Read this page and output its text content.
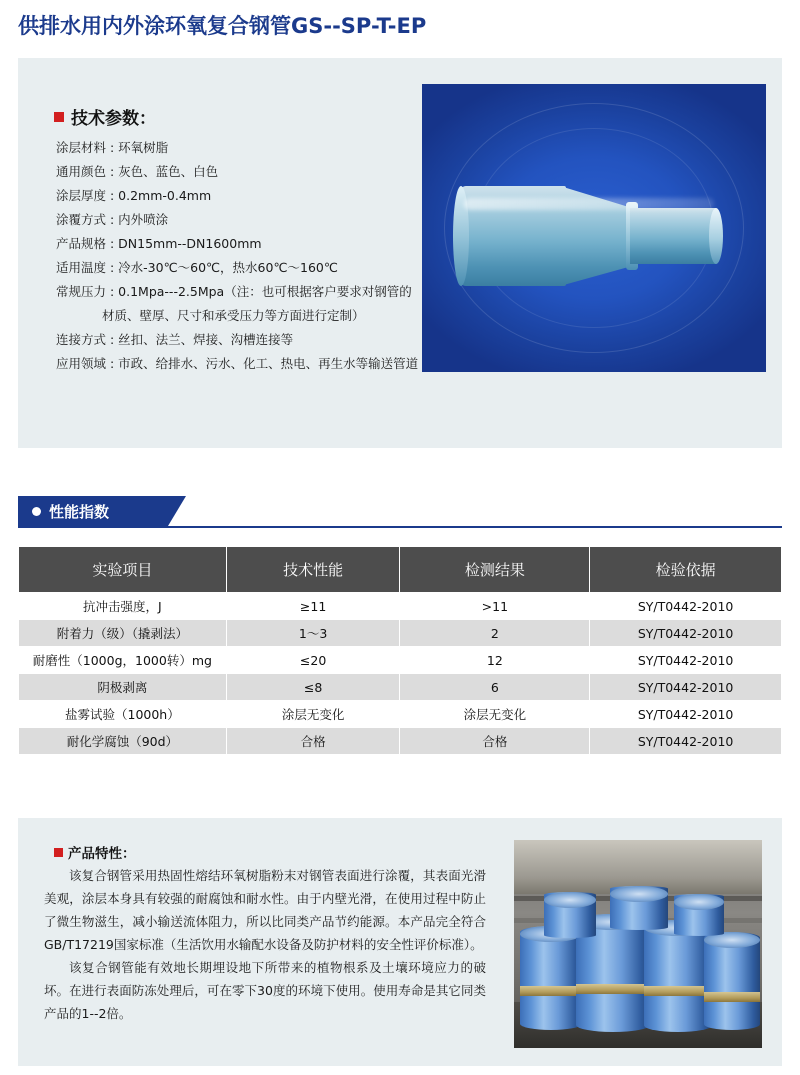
供排水用内外涂环氧复合钢管GS--SP-T-EP
技术参数：
涂层材料 : 环氧树脂
通用颜色 : 灰色、蓝色、白色
涂层厚度 : 0.2mm-0.4mm
涂覆方式 : 内外喷涂
产品规格 : DN15mm--DN1600mm
适用温度 : 冷水-30℃～60℃，热水60℃～160℃
常规压力 : 0.1Mpa---2.5Mpa（注：也可根据客户要求对钢管的
材质、壁厚、尺寸和承受压力等方面进行定制）
连接方式 : 丝扣、法兰、焊接、沟槽连接等
应用领域 : 市政、给排水、污水、化工、热电、再生水等输送管道
性能指数
实验项目	技术性能	检测结果	检验依据
抗冲击强度，J	≥11	>11	SY/T0442-2010
附着力（级）（撬剥法）	1～3	2	SY/T0442-2010
耐磨性（1000g，1000转）mg	≤20	12	SY/T0442-2010
阴极剥离	≤8	6	SY/T0442-2010
盐雾试验（1000h）	涂层无变化	涂层无变化	SY/T0442-2010
耐化学腐蚀（90d）	合格	合格	SY/T0442-2010
产品特性：

该复合钢管采用热固性熔结环氧树脂粉末对钢管表面进行涂覆，其表面光滑美观，涂层本身具有较强的耐腐蚀和耐水性。由于内壁光滑，在使用过程中防止了微生物滋生，减小输送流体阻力，所以比同类产品节约能源。本产品完全符合GB/T17219国家标准（生活饮用水输配水设备及防护材料的安全性评价标准）。

该复合钢管能有效地长期埋设地下所带来的植物根系及土壤环境应力的破坏。在进行表面防冻处理后，可在零下30度的环境下使用。使用寿命是其它同类产品的1--2倍。
